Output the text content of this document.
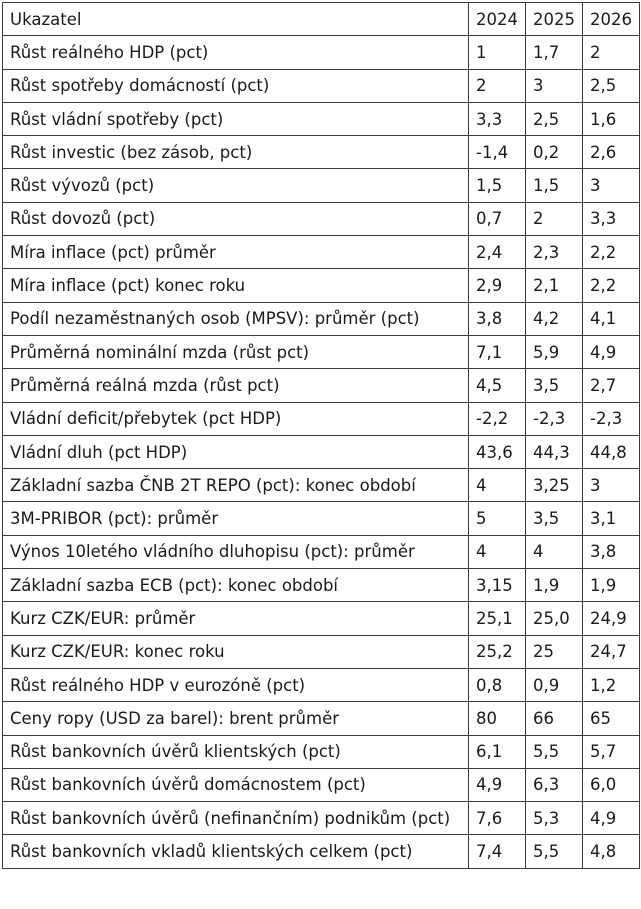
Ukazatel	2024	2025	2026
Růst reálného HDP (pct)	1	1,7	2
Růst spotřeby domácností (pct)	2	3	2,5
Růst vládní spotřeby (pct)	3,3	2,5	1,6
Růst investic (bez zásob, pct)	-1,4	0,2	2,6
Růst vývozů (pct)	1,5	1,5	3
Růst dovozů (pct)	0,7	2	3,3
Míra inflace (pct) průměr	2,4	2,3	2,2
Míra inflace (pct) konec roku	2,9	2,1	2,2
Podíl nezaměstnaných osob (MPSV): průměr (pct)	3,8	4,2	4,1
Průměrná nominální mzda (růst pct)	7,1	5,9	4,9
Průměrná reálná mzda (růst pct)	4,5	3,5	2,7
Vládní deficit/přebytek (pct HDP)	-2,2	-2,3	-2,3
Vládní dluh (pct HDP)	43,6	44,3	44,8
Základní sazba ČNB 2T REPO (pct): konec období	4	3,25	3
3M-PRIBOR (pct): průměr	5	3,5	3,1
Výnos 10letého vládního dluhopisu (pct): průměr	4	4	3,8
Základní sazba ECB (pct): konec období	3,15	1,9	1,9
Kurz CZK/EUR: průměr	25,1	25,0	24,9
Kurz CZK/EUR: konec roku	25,2	25	24,7
Růst reálného HDP v eurozóně (pct)	0,8	0,9	1,2
Ceny ropy (USD za barel): brent průměr	80	66	65
Růst bankovních úvěrů klientských (pct)	6,1	5,5	5,7
Růst bankovních úvěrů domácnostem (pct)	4,9	6,3	6,0
Růst bankovních úvěrů (nefinančním) podnikům (pct)	7,6	5,3	4,9
Růst bankovních vkladů klientských celkem (pct)	7,4	5,5	4,8
